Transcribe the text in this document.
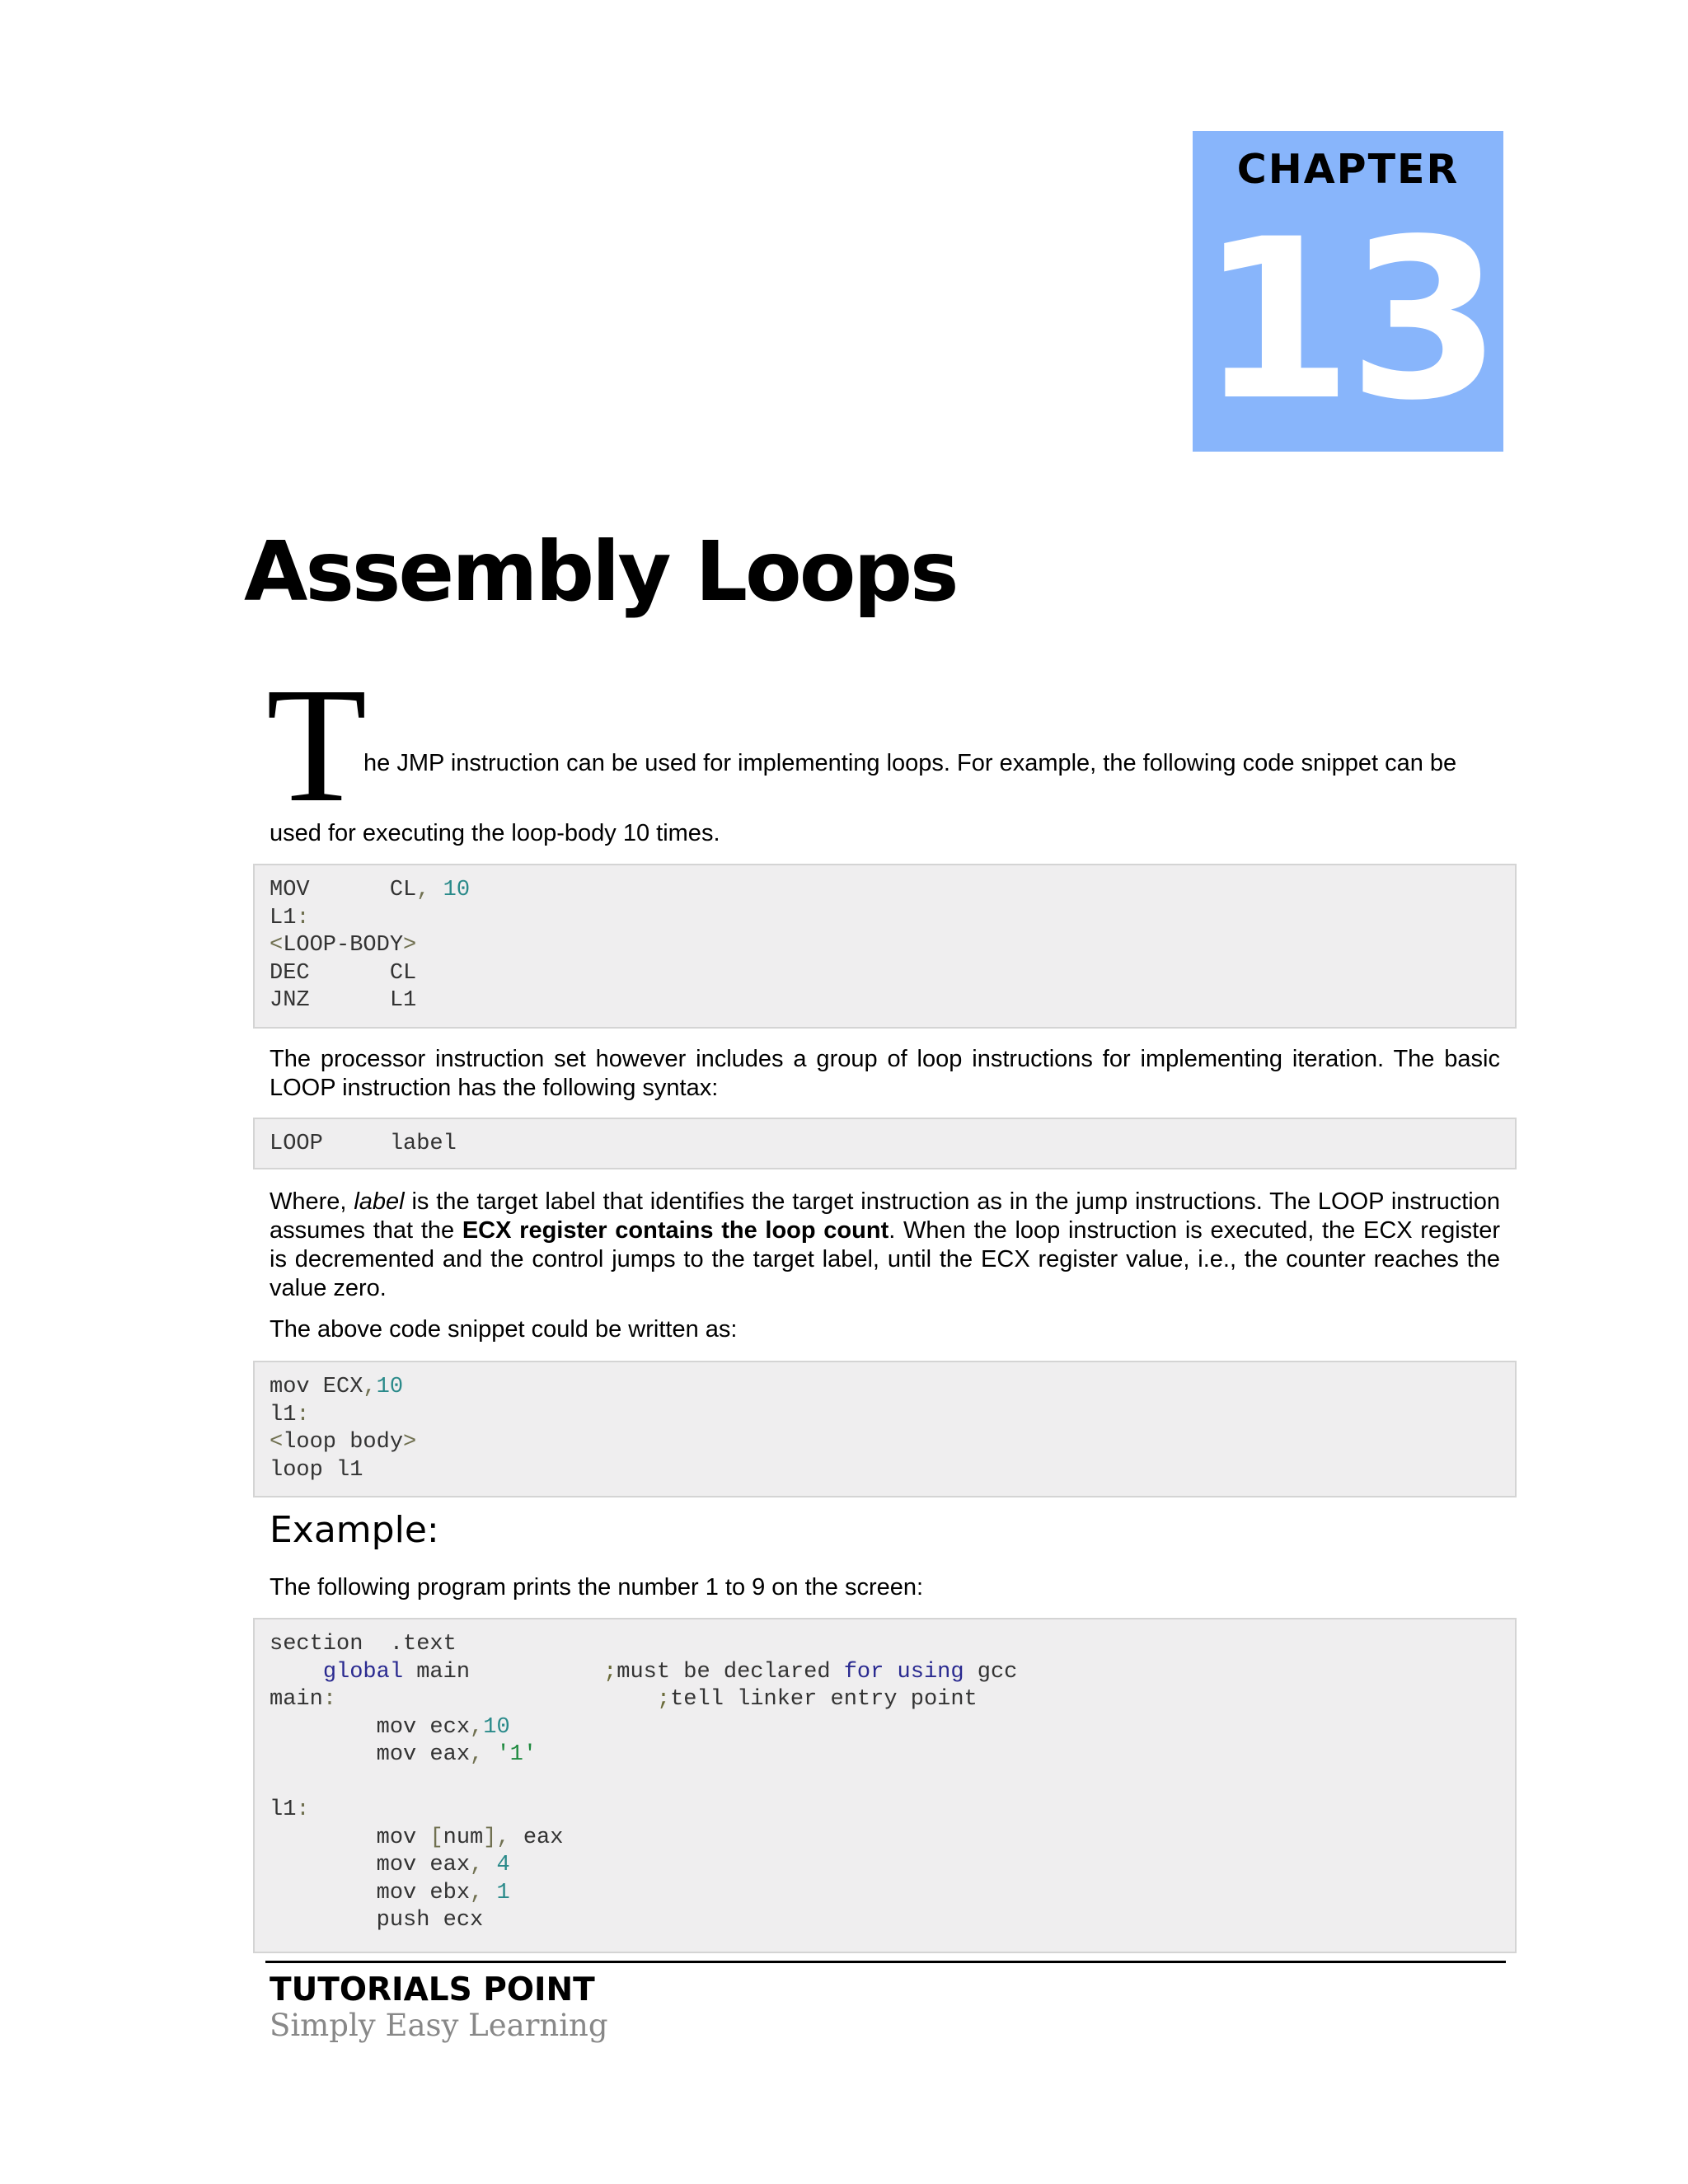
CHAPTER
13
Assembly Loops
T

he JMP instruction can be used for implementing loops. For example, the following code snippet can be

used for executing the loop-body 10 times.

MOV	CL, 10
L1:
<LOOP-BODY>
DEC	CL
JNZ	L1

The processor instruction set however includes a group of loop instructions for implementing iteration. The basic LOOP instruction has the following syntax:

LOOP	label

Where, label is the target label that identifies the target instruction as in the jump instructions. The LOOP instruction assumes that the ECX register contains the loop count. When the loop instruction is executed, the ECX register is decremented and the control jumps to the target label, until the ECX register value, i.e., the counter reaches the value zero.

The above code snippet could be written as:

mov ECX,10
l1:
<loop body>
loop l1
Example:

The following program prints the number 1 to 9 on the screen:

section .text
global main	;must be declared for using gcc
main:	;tell linker entry point
mov ecx,10
mov eax, '1'

l1:
mov [num], eax
mov eax, 4
mov ebx, 1
push ecx
TUTORIALS POINT
Simply Easy Learning
